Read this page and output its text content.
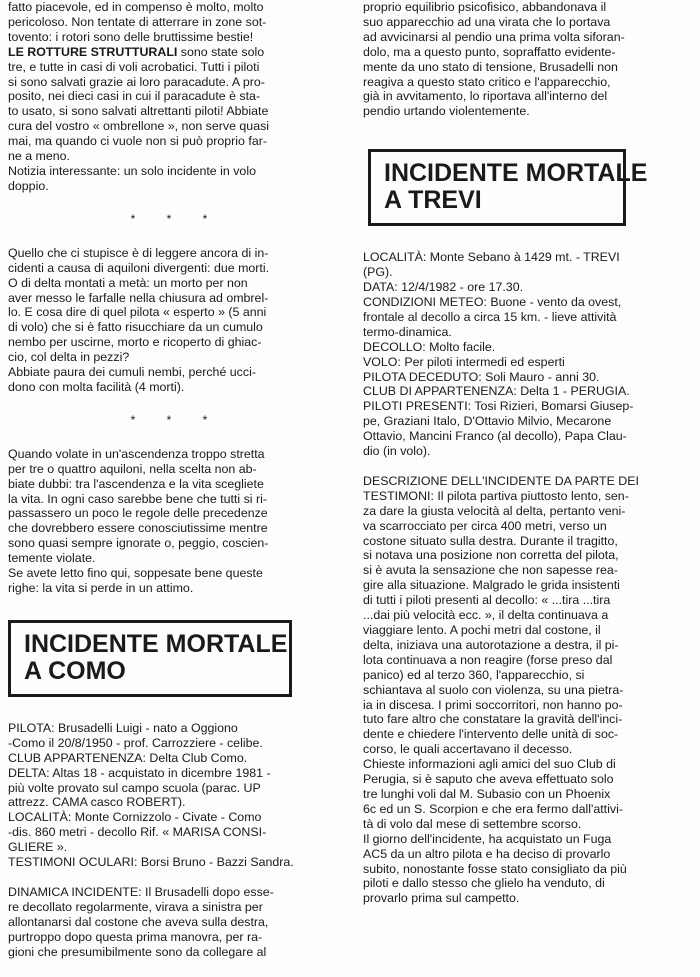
fatto piacevole, ed in compenso è molto, molto

pericoloso. Non tentate di atterrare in zone sot-

tovento: i rotori sono delle bruttissime bestie!

LE ROTTURE STRUTTURALI sono state solo

tre, e tutte in casi di voli acrobatici. Tutti i piloti

si sono salvati grazie ai loro paracadute. A pro-

posito, nei dieci casi in cui il paracadute è sta-

to usato, si sono salvati altrettanti piloti! Abbiate

cura del vostro « ombrellone », non serve quasi

mai, ma quando ci vuole non si può proprio far-

ne a meno.

Notizia interessante: un solo incidente in volo

doppio.

* * *

Quello che ci stupisce è di leggere ancora di in-

cidenti a causa di aquiloni divergenti: due morti.

O di delta montati a metà: un morto per non

aver messo le farfalle nella chiusura ad ombrel-

lo. E cosa dire di quel pilota « esperto » (5 anni

di volo) che si è fatto risucchiare da un cumulo

nembo per uscirne, morto e ricoperto di ghiac-

cio, col delta in pezzi?

Abbiate paura dei cumuli nembi, perché ucci-

dono con molta facilità (4 morti).

* * *

Quando volate in un'ascendenza troppo stretta

per tre o quattro aquiloni, nella scelta non ab-

biate dubbi: tra l'ascendenza e la vita scegliete

la vita. In ogni caso sarebbe bene che tutti si ri-

passassero un poco le regole delle precedenze

che dovrebbero essere conosciutissime mentre

sono quasi sempre ignorate o, peggio, coscien-

temente violate.

Se avete letto fino qui, soppesate bene queste

righe: la vita si perde in un attimo.

INCIDENTE MORTALE
A COMO

PILOTA: Brusadelli Luigi - nato a Oggiono

-Como il 20/8/1950 - prof. Carrozziere - celibe.

CLUB APPARTENENZA: Delta Club Como.

DELTA: Altas 18 - acquistato in dicembre 1981 -

più volte provato sul campo scuola (parac. UP

attrezz. CAMA casco ROBERT).

LOCALITÀ: Monte Cornizzolo - Civate - Como

-dis. 860 metri - decollo Rif. « MARISA CONSI-

GLIERE ».

TESTIMONI OCULARI: Borsi Bruno - Bazzi Sandra.

DINAMICA INCIDENTE: Il Brusadelli dopo esse-

re decollato regolarmente, virava a sinistra per

allontanarsi dal costone che aveva sulla destra,

purtroppo dopo questa prima manovra, per ra-

gioni che presumibilmente sono da collegare al

proprio equilibrio psicofisico, abbandonava il

suo apparecchio ad una virata che lo portava

ad avvicinarsi al pendio una prima volta siforan-

dolo, ma a questo punto, sopraffatto evidente-

mente da uno stato di tensione, Brusadelli non

reagiva a questo stato critico e l'apparecchio,

già in avvitamento, lo riportava all'interno del

pendio urtando violentemente.

INCIDENTE MORTALE
A TREVI

LOCALITÀ: Monte Sebano à 1429 mt. - TREVI

(PG).

DATA: 12/4/1982 - ore 17.30.

CONDIZIONI METEO: Buone - vento da ovest,

frontale al decollo a circa 15 km. - lieve attività

termo-dinamica.

DECOLLO: Molto facile.

VOLO: Per piloti intermedi ed esperti

PILOTA DECEDUTO: Soli Mauro - anni 30.

CLUB DI APPARTENENZA: Delta 1 - PERUGIA.

PILOTI PRESENTI: Tosi Rizieri, Bomarsi Giusep-

pe, Graziani Italo, D'Ottavio Milvio, Mecarone

Ottavio, Mancini Franco (al decollo), Papa Clau-

dio (in volo).

DESCRIZIONE DELL'INCIDENTE DA PARTE DEI

TESTIMONI: Il pilota partiva piuttosto lento, sen-

za dare la giusta velocità al delta, pertanto veni-

va scarrocciato per circa 400 metri, verso un

costone situato sulla destra. Durante il tragitto,

si notava una posizione non corretta del pilota,

si è avuta la sensazione che non sapesse rea-

gire alla situazione. Malgrado le grida insistenti

di tutti i piloti presenti al decollo: « ...tira ...tira

...dai più velocità ecc. », il delta continuava a

viaggiare lento. A pochi metri dal costone, il

delta, iniziava una autorotazione a destra, il pi-

lota continuava a non reagire (forse preso dal

panico) ed al terzo 360, l'apparecchio, si

schiantava al suolo con violenza, su una pietra-

ia in discesa. I primi soccorritori, non hanno po-

tuto fare altro che constatare la gravità dell'inci-

dente e chiedere l'intervento delle unità di soc-

corso, le quali accertavano il decesso.

Chieste informazioni agli amici del suo Club di

Perugia, si è saputo che aveva effettuato solo

tre lunghi voli dal M. Subasio con un Phoenix

6c ed un S. Scorpion e che era fermo dall'attivi-

tà di volo dal mese di settembre scorso.

Il giorno dell'incidente, ha acquistato un Fuga

AC5 da un altro pilota e ha deciso di provarlo

subito, nonostante fosse stato consigliato da più

piloti e dallo stesso che glielo ha venduto, di

provarlo prima sul campetto.
